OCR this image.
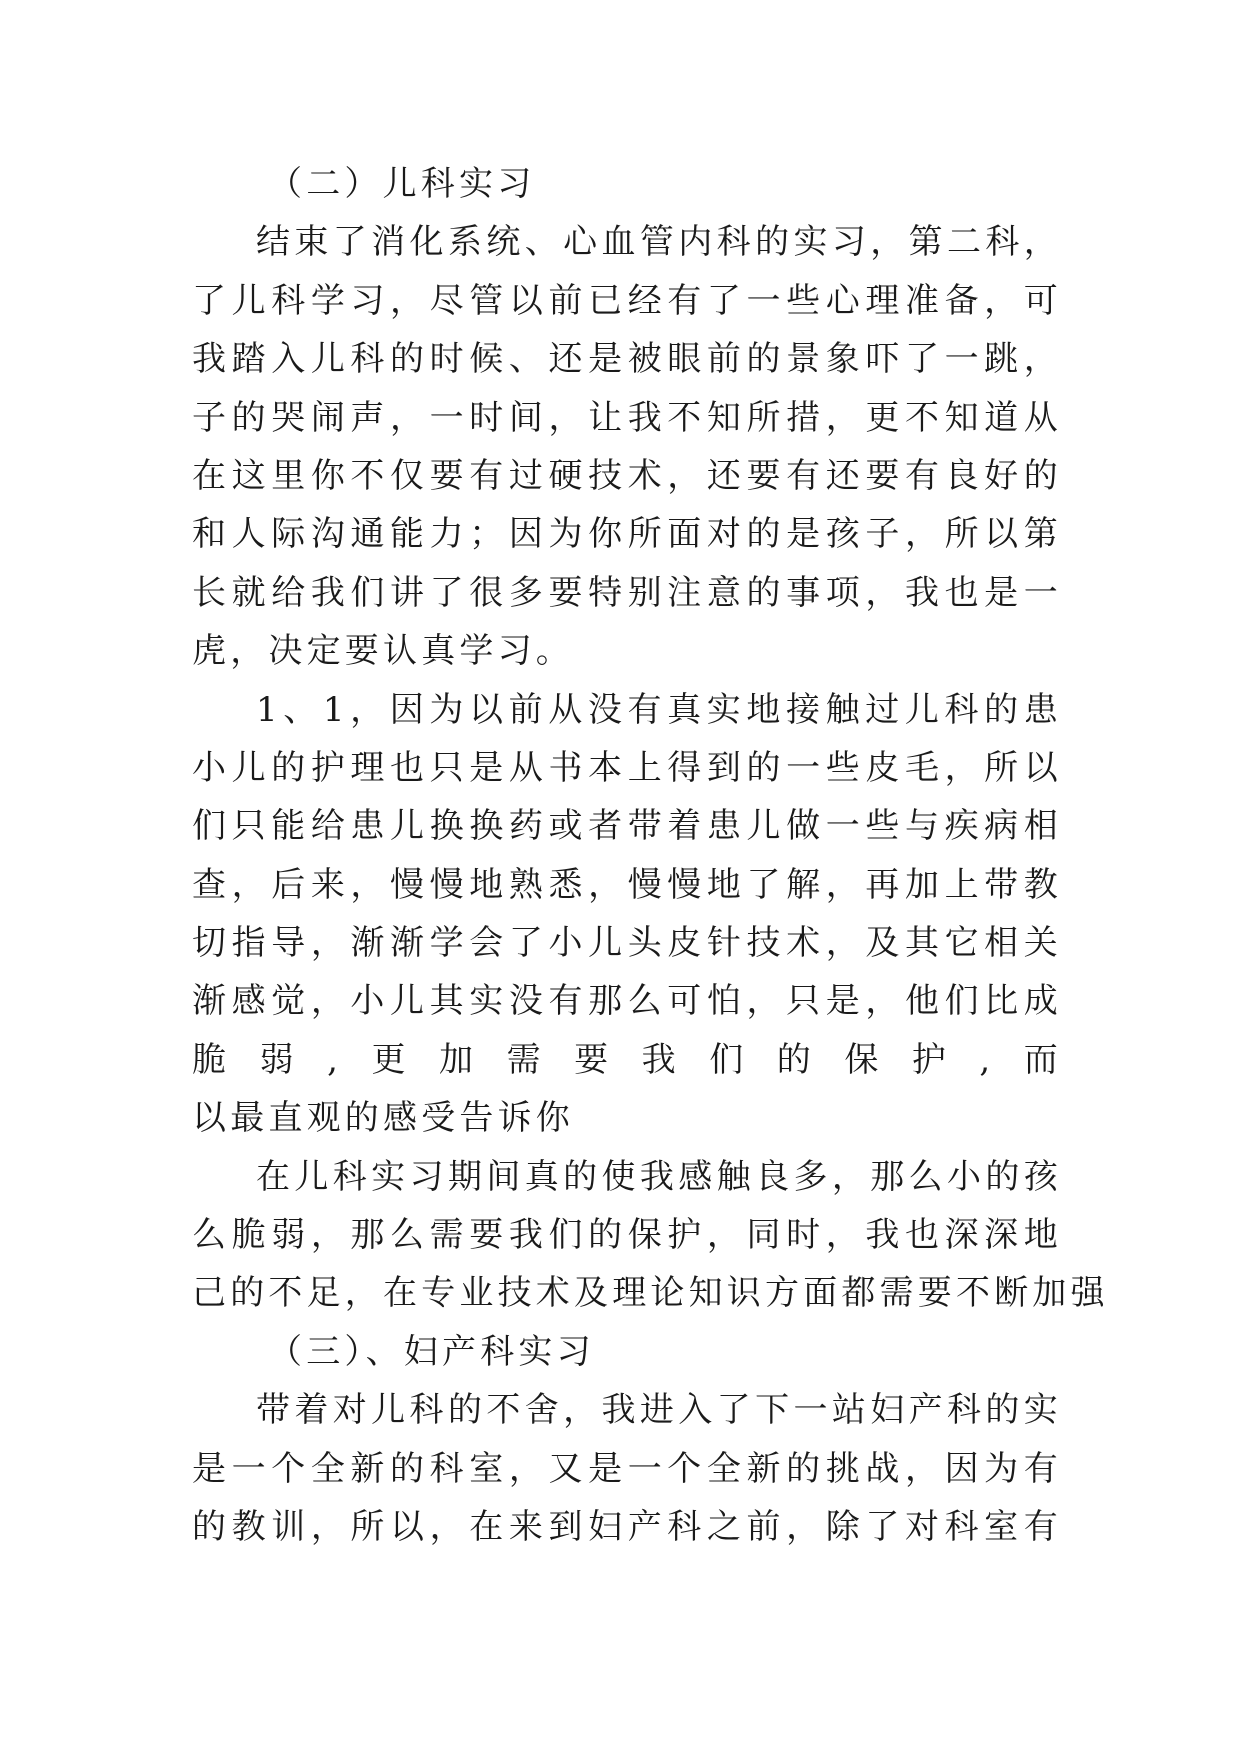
（二）儿科实习
结束了消化系统、心血管内科的实习，第二科，
了儿科学习，尽管以前已经有了一些心理准备，可
我踏入儿科的时候、还是被眼前的景象吓了一跳，
子的哭闹声，一时间，让我不知所措，更不知道从
在这里你不仅要有过硬技术，还要有还要有良好的
和人际沟通能力；因为你所面对的是孩子，所以第
长就给我们讲了很多要特别注意的事项，我也是一
虎，决定要认真学习。
1、1，因为以前从没有真实地接触过儿科的患
小儿的护理也只是从书本上得到的一些皮毛，所以
们只能给患儿换换药或者带着患儿做一些与疾病相
查，后来，慢慢地熟悉，慢慢地了解，再加上带教
切指导，渐渐学会了小儿头皮针技术，及其它相关
渐感觉，小儿其实没有那么可怕，只是，他们比成
脆弱,更加需要我们的保护,而
以最直观的感受告诉你
在儿科实习期间真的使我感触良多，那么小的孩
么脆弱，那么需要我们的保护，同时，我也深深地
己的不足，在专业技术及理论知识方面都需要不断加强
（三）、妇产科实习
带着对儿科的不舍，我进入了下一站妇产科的实
是一个全新的科室，又是一个全新的挑战，因为有
的教训，所以，在来到妇产科之前，除了对科室有
